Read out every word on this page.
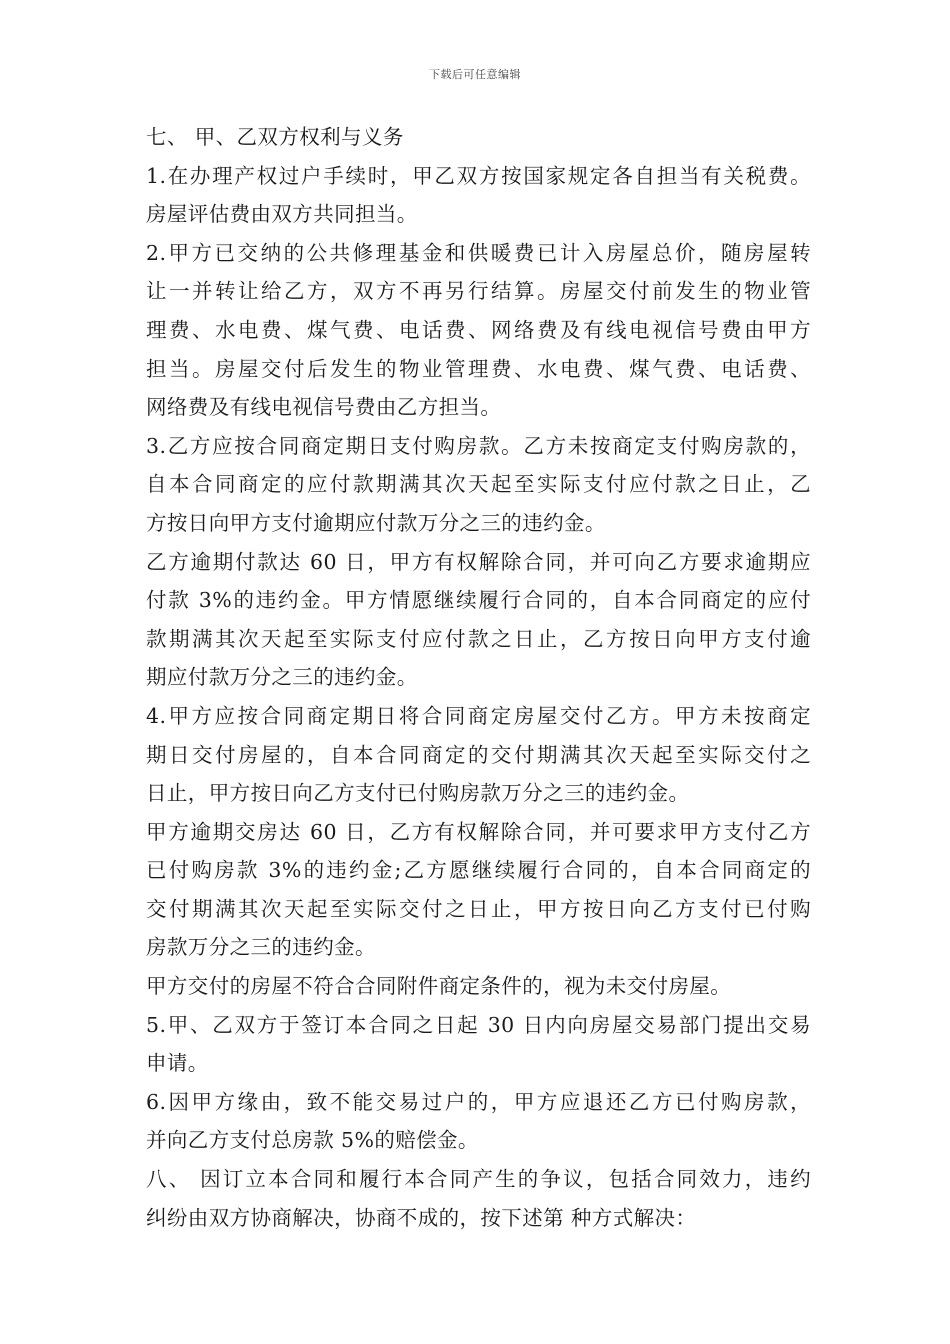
下载后可任意编辑
七、 甲、乙双方权利与义务
1.在办理产权过户手续时，甲乙双方按国家规定各自担当有关税费。
房屋评估费由双方共同担当。
2.甲方已交纳的公共修理基金和供暖费已计入房屋总价，随房屋转
让一并转让给乙方，双方不再另行结算。房屋交付前发生的物业管
理费、水电费、煤气费、电话费、网络费及有线电视信号费由甲方
担当。房屋交付后发生的物业管理费、水电费、煤气费、电话费、
网络费及有线电视信号费由乙方担当。
3.乙方应按合同商定期日支付购房款。乙方未按商定支付购房款的，
自本合同商定的应付款期满其次天起至实际支付应付款之日止，乙
方按日向甲方支付逾期应付款万分之三的违约金。
乙方逾期付款达 60 日，甲方有权解除合同，并可向乙方要求逾期应
付款 3%的违约金。甲方情愿继续履行合同的，自本合同商定的应付
款期满其次天起至实际支付应付款之日止，乙方按日向甲方支付逾
期应付款万分之三的违约金。
4.甲方应按合同商定期日将合同商定房屋交付乙方。甲方未按商定
期日交付房屋的，自本合同商定的交付期满其次天起至实际交付之
日止，甲方按日向乙方支付已付购房款万分之三的违约金。
甲方逾期交房达 60 日，乙方有权解除合同，并可要求甲方支付乙方
已付购房款 3%的违约金;乙方愿继续履行合同的，自本合同商定的
交付期满其次天起至实际交付之日止，甲方按日向乙方支付已付购
房款万分之三的违约金。
甲方交付的房屋不符合合同附件商定条件的，视为未交付房屋。
5.甲、乙双方于签订本合同之日起 30 日内向房屋交易部门提出交易
申请。
6.因甲方缘由，致不能交易过户的，甲方应退还乙方已付购房款，
并向乙方支付总房款 5%的赔偿金。
八、 因订立本合同和履行本合同产生的争议，包括合同效力，违约
纠纷由双方协商解决，协商不成的，按下述第 种方式解决：
